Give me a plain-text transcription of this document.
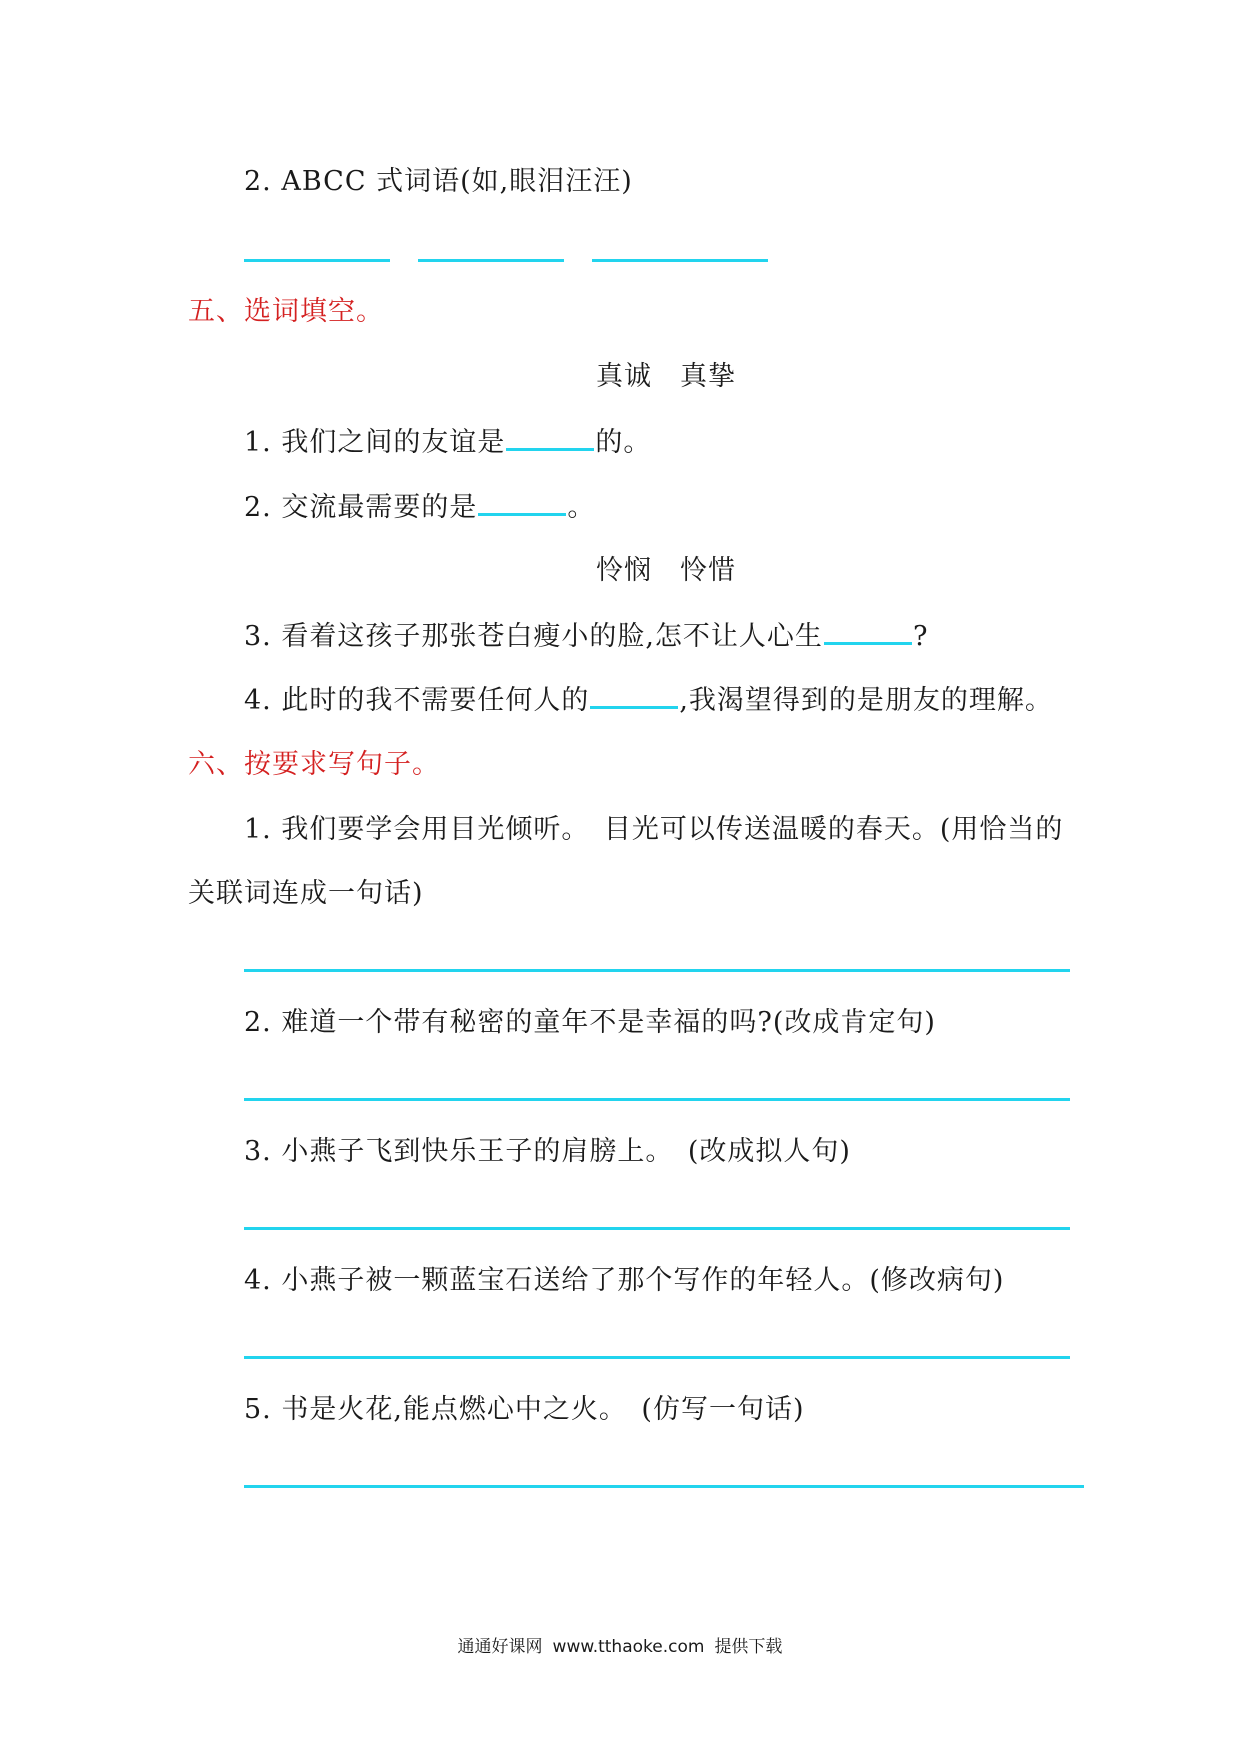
2. ABCC 式词语(如,眼泪汪汪)
五、选词填空。
真诚 真挚
1. 我们之间的友谊是	的。
2. 交流最需要的是	。
怜悯 怜惜
3. 看着这孩子那张苍白瘦小的脸,怎不让人心生	?
4. 此时的我不需要任何人的	,我渴望得到的是朋友的理解。
六、按要求写句子。
1. 我们要学会用目光倾听。　目光可以传送温暖的春天。(用恰当的
关联词连成一句话)
2. 难道一个带有秘密的童年不是幸福的吗?(改成肯定句)
3. 小燕子飞到快乐王子的肩膀上。　(改成拟人句)
4. 小燕子被一颗蓝宝石送给了那个写作的年轻人。(修改病句)
5. 书是火花,能点燃心中之火。　(仿写一句话)
通通好课网 www.tthaoke.com 提供下载
